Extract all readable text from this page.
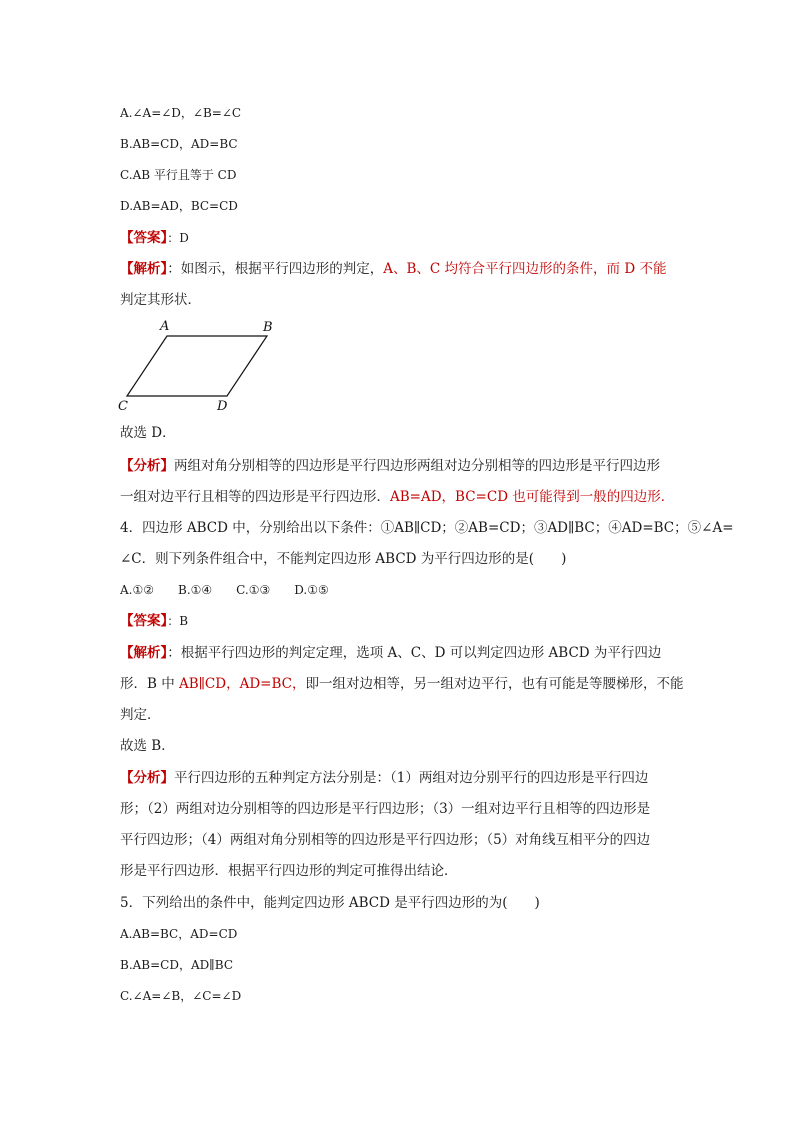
A.∠A=∠D，∠B=∠C
B.AB=CD，AD=BC
C.AB 平行且等于 CD
D.AB=AD，BC=CD
【答案】：D
【解析】：如图示，根据平行四边形的判定，A、B、C 均符合平行四边形的条件，而 D 不能
判定其形状．
A	B
C	D
故选 D．
【分析】两组对角分别相等的四边形是平行四边形两组对边分别相等的四边形是平行四边形
一组对边平行且相等的四边形是平行四边形．AB=AD，BC=CD 也可能得到一般的四边形．
4．四边形 ABCD 中，分别给出以下条件：①AB∥CD；②AB=CD；③AD∥BC；④AD=BC；⑤∠A=
∠C．则下列条件组合中，不能判定四边形 ABCD 为平行四边形的是(　　)
A.①②　　B.①④　　C.①③　　D.①⑤
【答案】：B
【解析】：根据平行四边形的判定定理，选项 A、C、D 可以判定四边形 ABCD 为平行四边
形．B 中 AB∥CD，AD=BC，即一组对边相等，另一组对边平行，也有可能是等腰梯形，不能
判定．
故选 B．
【分析】平行四边形的五种判定方法分别是：（1）两组对边分别平行的四边形是平行四边
形；（2）两组对边分别相等的四边形是平行四边形；（3）一组对边平行且相等的四边形是
平行四边形；（4）两组对角分别相等的四边形是平行四边形；（5）对角线互相平分的四边
形是平行四边形．根据平行四边形的判定可推得出结论．
5．下列给出的条件中，能判定四边形 ABCD 是平行四边形的为(　　)
A.AB=BC，AD=CD
B.AB=CD，AD∥BC
C.∠A=∠B，∠C=∠D
